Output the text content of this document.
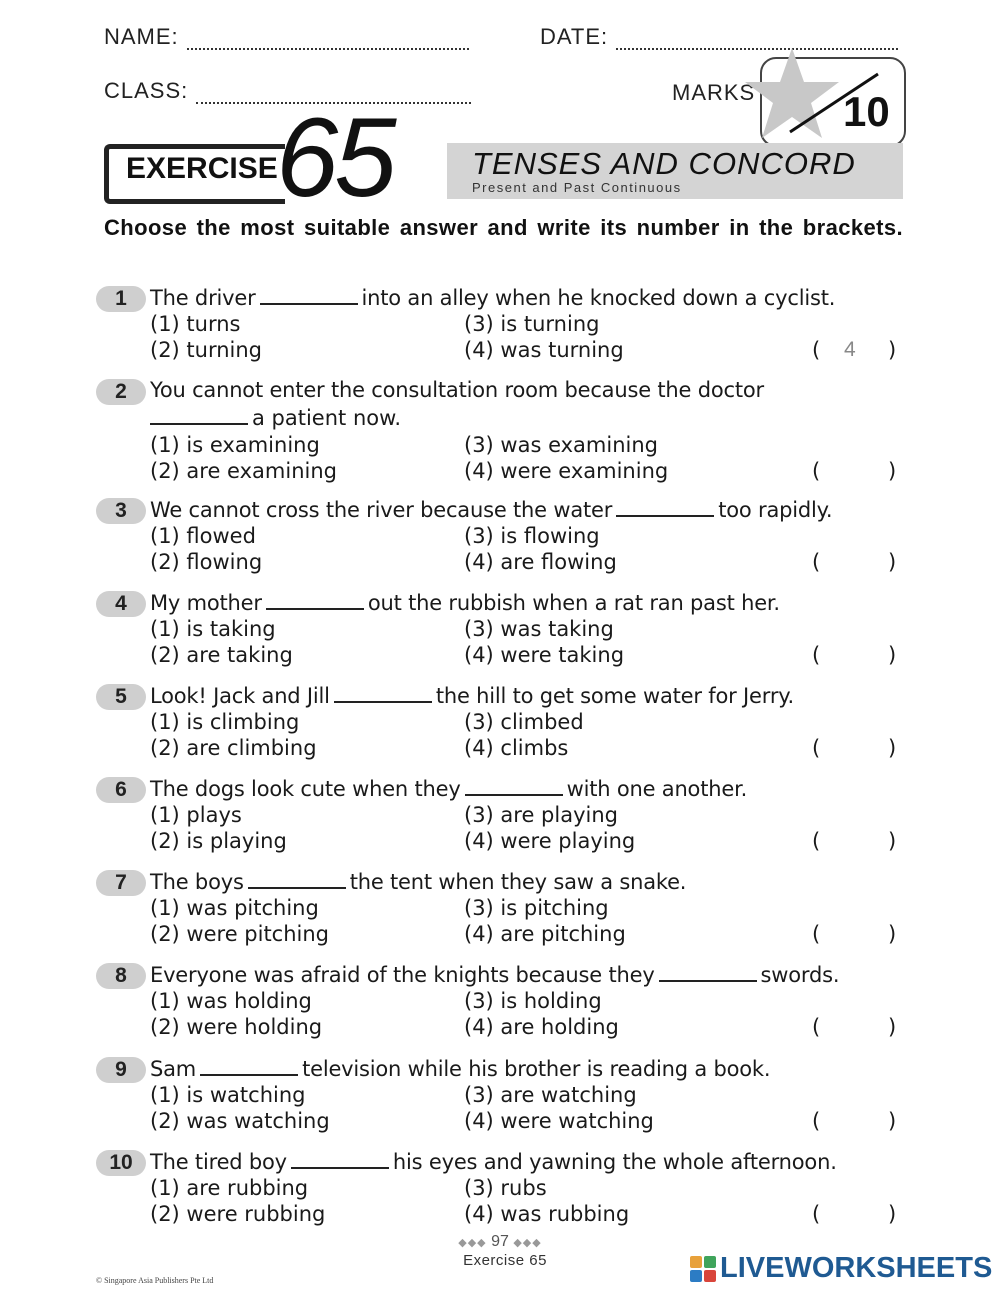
NAME:	DATE:
CLASS:	MARKS 10
EXERCISE
65	TENSES AND CONCORD
Present and Past Continuous
Choose the most suitable answer and write its number in the brackets.
1	The driver	into an alley when he knocked down a cyclist.
(1) turns
(2) turning
(3) is turning
(4) was turning	( 4 )
2	You cannot enter the consultation room because the doctor
a patient now.
(1) is examining
(2) are examining
(3) was examining
(4) were examining	(	)
3	We cannot cross the river because the water	too rapidly.
(1) flowed
(2) flowing
(3) is flowing
(4) are flowing	(	)
4	My mother	out the rubbish when a rat ran past her.
(1) is taking
(2) are taking
(3) was taking
(4) were taking	(	)
5	Look! Jack and Jill	the hill to get some water for Jerry.
(1) is climbing
(2) are climbing
(3) climbed
(4) climbs	(	)
6	The dogs look cute when they	with one another.
(1) plays
(2) is playing
(3) are playing
(4) were playing	(	)
7	The boys	the tent when they saw a snake.
(1) was pitching
(2) were pitching
(3) is pitching
(4) are pitching	(	)
8	Everyone was afraid of the knights because they	swords.
(1) was holding
(2) were holding
(3) is holding
(4) are holding	(	)
9	Sam	television while his brother is reading a book.
(1) is watching
(2) was watching
(3) are watching
(4) were watching	(	)
10 The tired boy	his eyes and yawning the whole afternoon.
(1) are rubbing
(2) were rubbing
(3) rubs
(4) was rubbing	(	)
◆◆◆ 97 ◆◆◆
Exercise 65
© Singapore Asia Publishers Pte Ltd	LIVEWORKSHEETS
